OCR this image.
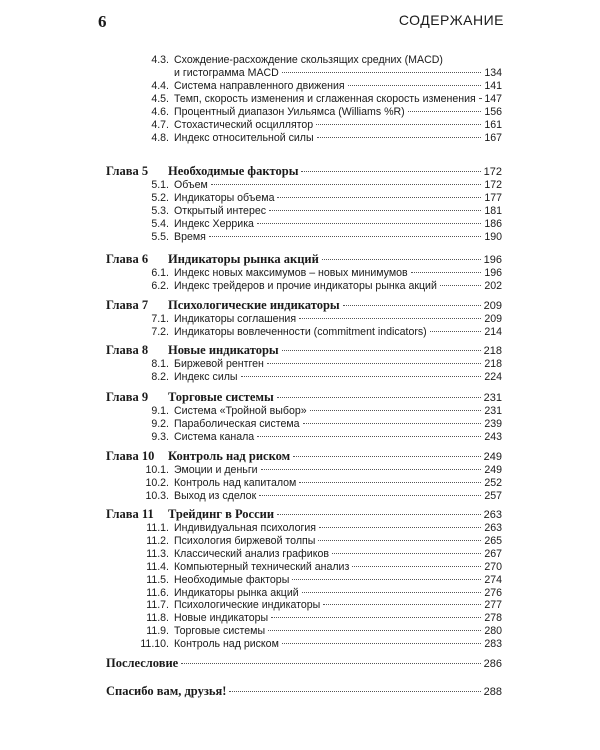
6	СОДЕРЖАНИЕ
4.3. Схождение-расхождение скользящих средних (MACD)
и гистограмма MACD	134
4.4. Система направленного движения	141
4.5. Темп, скорость изменения и сглаженная скорость изменения 147
4.6. Процентный диапазон Уильямса (Williams %R)	156
4.7. Стохастический осциллятор	161
4.8. Индекс относительной силы	167
Глава 5	Необходимые факторы	172
5.1. Объем	172
5.2. Индикаторы объема	177
5.3. Открытый интерес	181
5.4. Индекс Херрика	186
5.5. Время	190
Глава 6	Индикаторы рынка акций	196
6.1. Индекс новых максимумов – новых минимумов	196
6.2. Индекс трейдеров и прочие индикаторы рынка акций	202
Глава 7	Психологические индикаторы	209
7.1. Индикаторы соглашения	209
7.2. Индикаторы вовлеченности (commitment indicators)	214
Глава 8	Новые индикаторы	218
8.1. Биржевой рентген	218
8.2. Индекс силы	224
Глава 9	Торговые системы	231
9.1. Система «Тройной выбор»	231
9.2. Параболическая система	239
9.3. Система канала	243
Глава 10	Контроль над риском	249
10.1. Эмоции и деньги	249
10.2. Контроль над капиталом	252
10.3. Выход из сделок	257
Глава 11	Трейдинг в России	263
11.1. Индивидуальная психология	263
11.2. Психология биржевой толпы	265
11.3. Классический анализ графиков	267
11.4. Компьютерный технический анализ	270
11.5. Необходимые факторы	274
11.6. Индикаторы рынка акций	276
11.7. Психологические индикаторы	277
11.8. Новые индикаторы	278
11.9. Торговые системы	280
11.10. Контроль над риском	283
Послесловие	286
Спасибо вам, друзья!	288
